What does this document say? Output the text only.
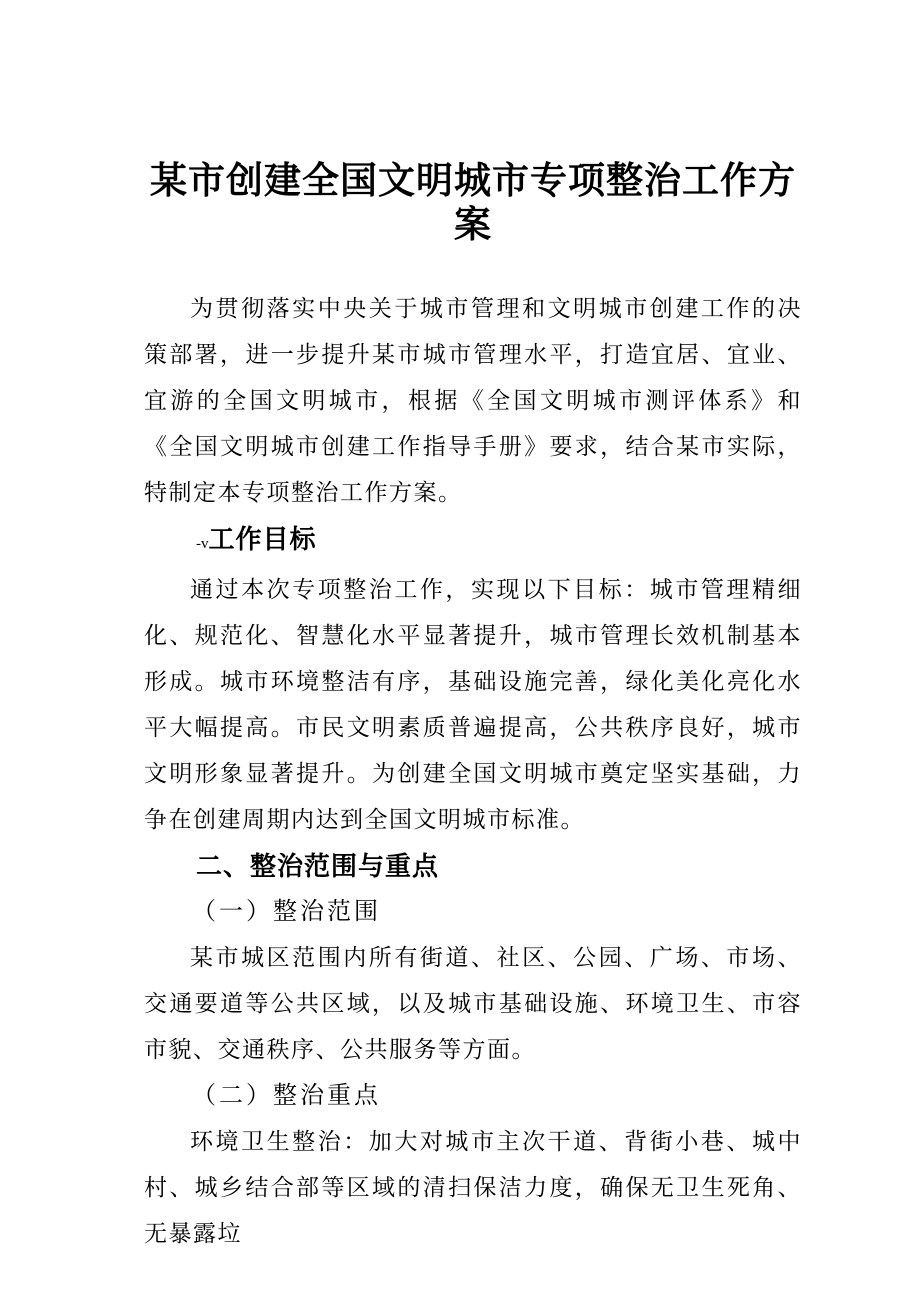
某市创建全国文明城市专项整治工作方案

为贯彻落实中央关于城市管理和文明城市创建工作的决策部署，进一步提升某市城市管理水平，打造宜居、宜业、宜游的全国文明城市，根据《全国文明城市测评体系》和《全国文明城市创建工作指导手册》要求，结合某市实际，特制定本专项整治工作方案。

-v工作目标

通过本次专项整治工作，实现以下目标：城市管理精细化、规范化、智慧化水平显著提升，城市管理长效机制基本形成。城市环境整洁有序，基础设施完善，绿化美化亮化水平大幅提高。市民文明素质普遍提高，公共秩序良好，城市文明形象显著提升。为创建全国文明城市奠定坚实基础，力争在创建周期内达到全国文明城市标准。

二、整治范围与重点
（一）整治范围

某市城区范围内所有街道、社区、公园、广场、市场、交通要道等公共区域，以及城市基础设施、环境卫生、市容市貌、交通秩序、公共服务等方面。

（二）整治重点

环境卫生整治：加大对城市主次干道、背街小巷、城中村、城乡结合部等区域的清扫保洁力度，确保无卫生死角、无暴露垃
